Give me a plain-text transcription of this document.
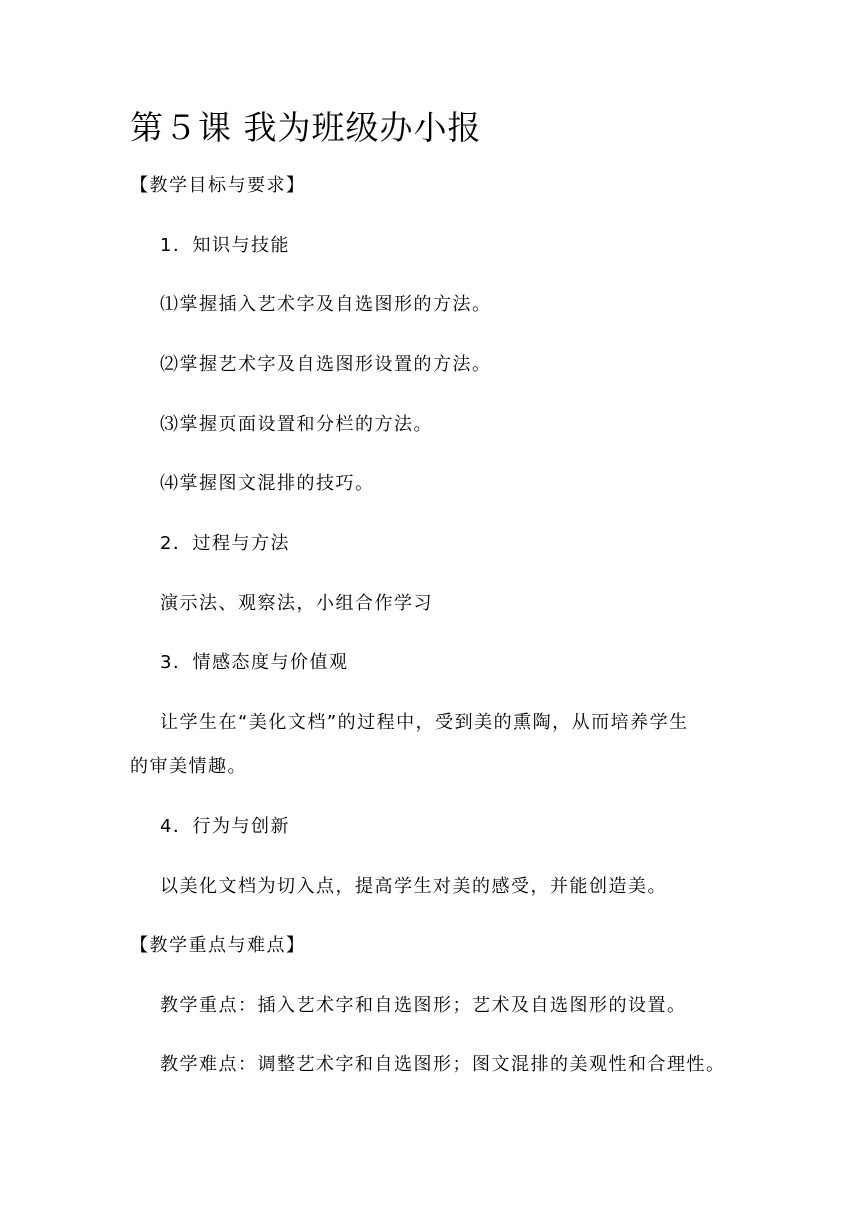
第５课 我为班级办小报
【教学目标与要求】
1．知识与技能
⑴掌握插入艺术字及自选图形的方法。
⑵掌握艺术字及自选图形设置的方法。
⑶掌握页面设置和分栏的方法。
⑷掌握图文混排的技巧。
2．过程与方法
演示法、观察法，小组合作学习
3．情感态度与价值观
让学生在“美化文档”的过程中，受到美的熏陶，从而培养学生
的审美情趣。
4．行为与创新
以美化文档为切入点，提高学生对美的感受，并能创造美。
【教学重点与难点】
教学重点：插入艺术字和自选图形；艺术及自选图形的设置。
教学难点：调整艺术字和自选图形；图文混排的美观性和合理性。
